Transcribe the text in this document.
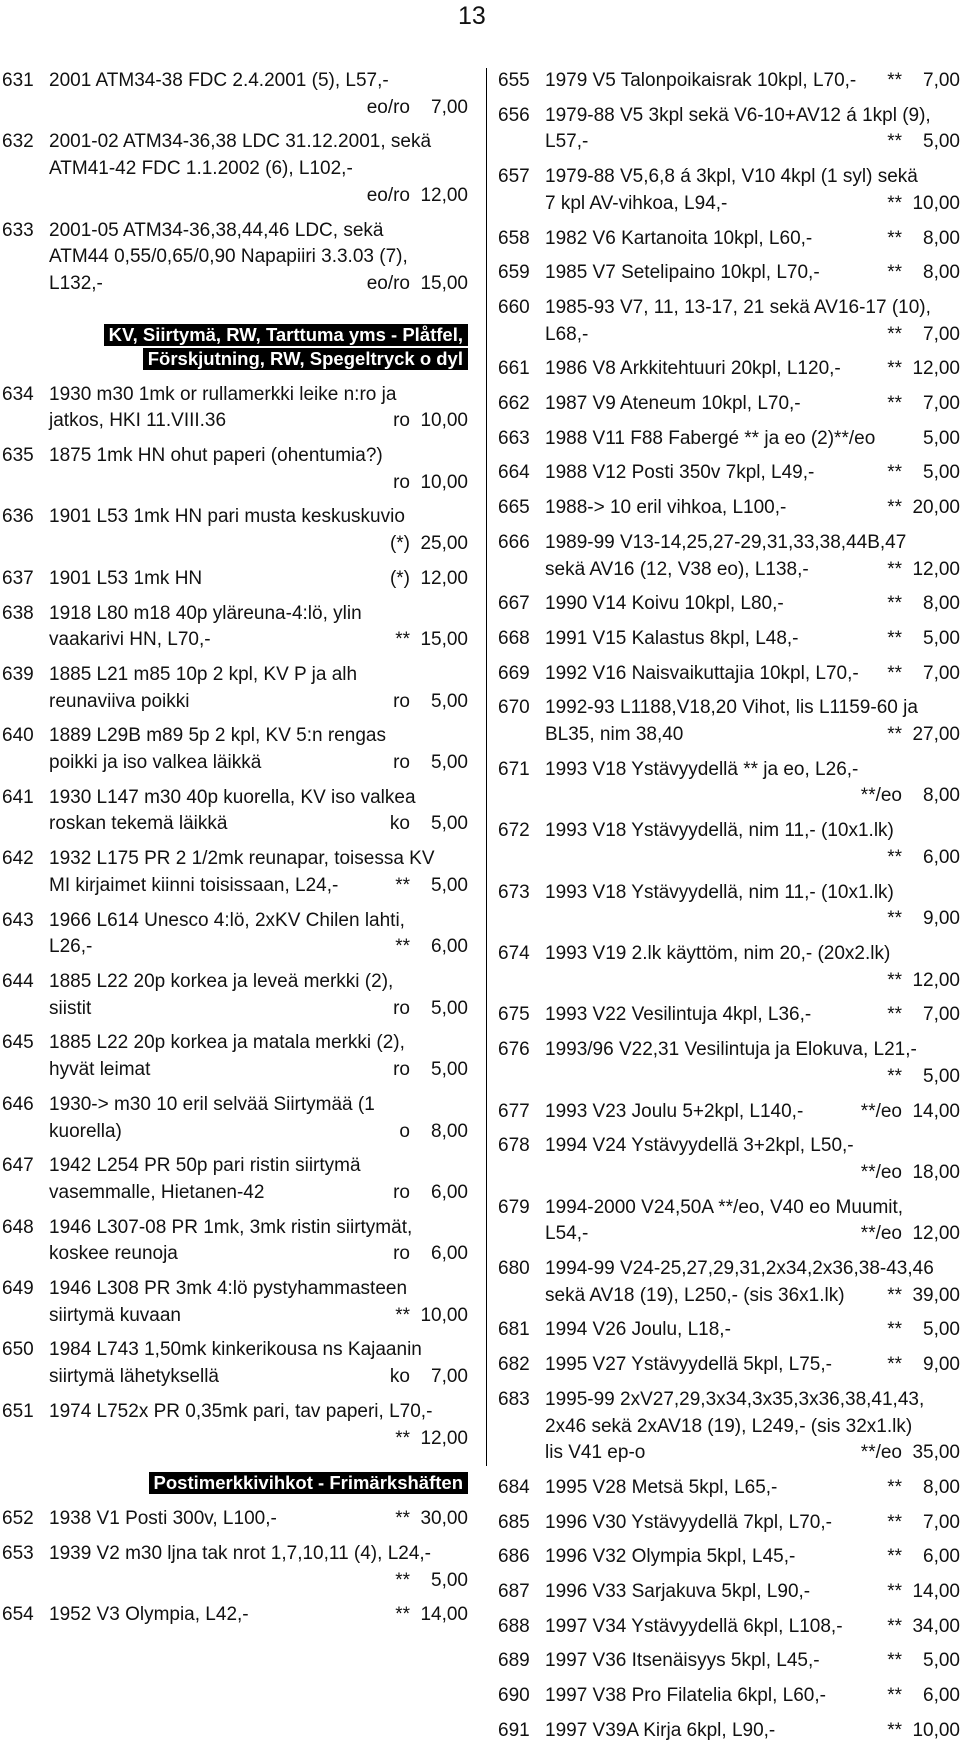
13
631 2001 ATM34-38 FDC 2.4.2001 (5), L57,-
eo/ro	7,00
632 2001-02 ATM34-36,38 LDC 31.12.2001, sekä
ATM41-42 FDC 1.1.2002 (6), L102,-
eo/ro 12,00
633 2001-05 ATM34-36,38,44,46 LDC, sekä
ATM44 0,55/0,65/0,90 Napapiiri 3.3.03 (7),
L132,-	eo/ro 15,00
KV, Siirtymä, RW, Tarttuma yms - Plåtfel,
Förskjutning, RW, Spegeltryck o dyl
634 1930 m30 1mk or rullamerkki leike n:ro ja
jatkos, HKI 11.VIII.36	ro 10,00
635 1875 1mk HN ohut paperi (ohentumia?)
ro 10,00
636 1901 L53 1mk HN pari musta keskuskuvio
(*) 25,00
637 1901 L53 1mk HN	(*) 12,00
638 1918 L80 m18 40p yläreuna-4:lö, ylin
vaakarivi HN, L70,-	** 15,00
639 1885 L21 m85 10p 2 kpl, KV P ja alh
reunaviiva poikki	ro	5,00
640 1889 L29B m89 5p 2 kpl, KV 5:n rengas
poikki ja iso valkea läikkä	ro	5,00
641 1930 L147 m30 40p kuorella, KV iso valkea
roskan tekemä läikkä	ko	5,00
642 1932 L175 PR 2 1/2mk reunapar, toisessa KV
MI kirjaimet kiinni toisissaan, L24,-	**	5,00
643 1966 L614 Unesco 4:lö, 2xKV Chilen lahti,
L26,-	**	6,00
644 1885 L22 20p korkea ja leveä merkki (2),
siistit	ro	5,00
645 1885 L22 20p korkea ja matala merkki (2),
hyvät leimat	ro	5,00
646 1930-> m30 10 eril selvää Siirtymää (1
kuorella)	o	8,00
647 1942 L254 PR 50p pari ristin siirtymä
vasemmalle, Hietanen-42	ro	6,00
648 1946 L307-08 PR 1mk, 3mk ristin siirtymät,
koskee reunoja	ro	6,00
649 1946 L308 PR 3mk 4:lö pystyhammasteen
siirtymä kuvaan	** 10,00
650 1984 L743 1,50mk kinkerikousa ns Kajaanin
siirtymä lähetyksellä	ko	7,00
651 1974 L752x PR 0,35mk pari, tav paperi, L70,-
** 12,00
Postimerkkivihkot - Frimärkshäften
652 1938 V1 Posti 300v, L100,-	** 30,00
653 1939 V2 m30 ljna tak nrot 1,7,10,11 (4), L24,-
**	5,00
654 1952 V3 Olympia, L42,-	** 14,00
655 1979 V5 Talonpoikaisrak 10kpl, L70,-	**	7,00
656 1979-88 V5 3kpl sekä V6-10+AV12 á 1kpl (9),
L57,-	**	5,00
657 1979-88 V5,6,8 á 3kpl, V10 4kpl (1 syl) sekä
7 kpl AV-vihkoa, L94,-	** 10,00
658 1982 V6 Kartanoita 10kpl, L60,-	**	8,00
659 1985 V7 Setelipaino 10kpl, L70,-	**	8,00
660 1985-93 V7, 11, 13-17, 21 sekä AV16-17 (10),
L68,-	**	7,00
661 1986 V8 Arkkitehtuuri 20kpl, L120,-	** 12,00
662 1987 V9 Ateneum 10kpl, L70,-	**	7,00
663 1988 V11 F88 Fabergé ** ja eo (2)**/eo	5,00
664 1988 V12 Posti 350v 7kpl, L49,-	**	5,00
665 1988-> 10 eril vihkoa, L100,-	** 20,00
666 1989-99 V13-14,25,27-29,31,33,38,44B,47
sekä AV16 (12, V38 eo), L138,-	** 12,00
667 1990 V14 Koivu 10kpl, L80,-	**	8,00
668 1991 V15 Kalastus 8kpl, L48,-	**	5,00
669 1992 V16 Naisvaikuttajia 10kpl, L70,-	**	7,00
670 1992-93 L1188,V18,20 Vihot, lis L1159-60 ja
BL35, nim 38,40	** 27,00
671 1993 V18 Ystävyydellä ** ja eo, L26,-
**/eo	8,00
672 1993 V18 Ystävyydellä, nim 11,- (10x1.lk)
**	6,00
673 1993 V18 Ystävyydellä, nim 11,- (10x1.lk)
**	9,00
674 1993 V19 2.lk käyttöm, nim 20,- (20x2.lk)
** 12,00
675 1993 V22 Vesilintuja 4kpl, L36,-	**	7,00
676 1993/96 V22,31 Vesilintuja ja Elokuva, L21,-
**	5,00
677 1993 V23 Joulu 5+2kpl, L140,-	**/eo 14,00
678 1994 V24 Ystävyydellä 3+2kpl, L50,-
**/eo 18,00
679 1994-2000 V24,50A **/eo, V40 eo Muumit,
L54,-	**/eo 12,00
680 1994-99 V24-25,27,29,31,2x34,2x36,38-43,46
sekä AV18 (19), L250,- (sis 36x1.lk)	** 39,00
681 1994 V26 Joulu, L18,-	**	5,00
682 1995 V27 Ystävyydellä 5kpl, L75,-	**	9,00
683 1995-99 2xV27,29,3x34,3x35,3x36,38,41,43,
2x46 sekä 2xAV18 (19), L249,- (sis 32x1.lk)
lis V41 ep-o	**/eo 35,00
684 1995 V28 Metsä 5kpl, L65,-	**	8,00
685 1996 V30 Ystävyydellä 7kpl, L70,-	**	7,00
686 1996 V32 Olympia 5kpl, L45,-	**	6,00
687 1996 V33 Sarjakuva 5kpl, L90,-	** 14,00
688 1997 V34 Ystävyydellä 6kpl, L108,-	** 34,00
689 1997 V36 Itsenäisyys 5kpl, L45,-	**	5,00
690 1997 V38 Pro Filatelia 6kpl, L60,-	**	6,00
691 1997 V39A Kirja 6kpl, L90,-	** 10,00
